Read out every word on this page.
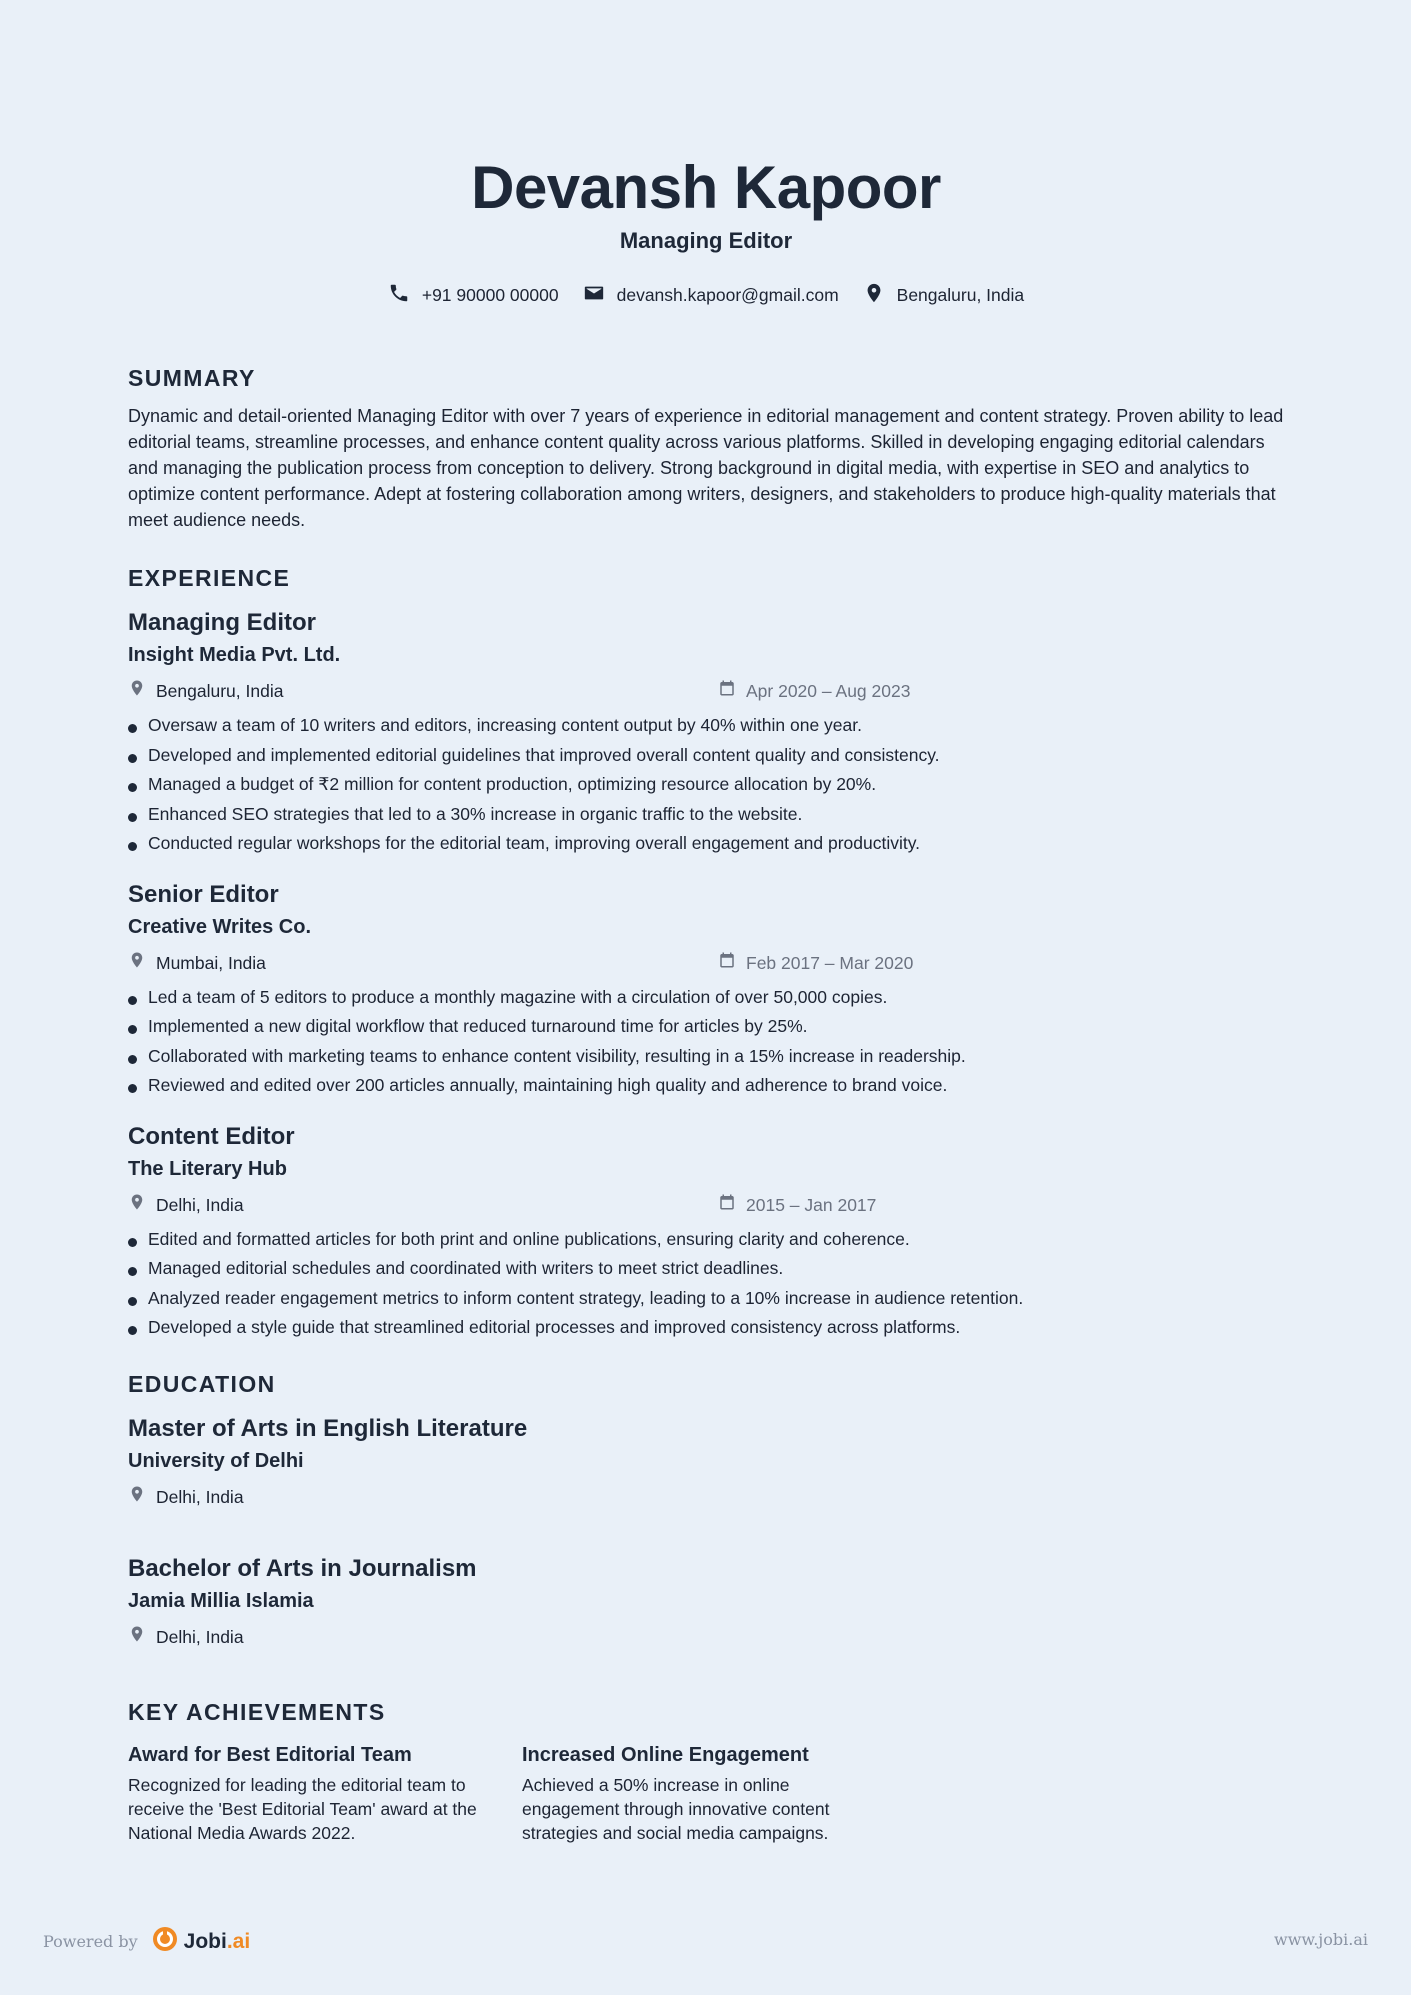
Devansh Kapoor
Managing Editor
+91 90000 00000	devansh.kapoor@gmail.com	Bengaluru, India
SUMMARY
Dynamic and detail-oriented Managing Editor with over 7 years of experience in editorial management and content strategy. Proven ability to lead editorial teams, streamline processes, and enhance content quality across various platforms. Skilled in developing engaging editorial calendars and managing the publication process from conception to delivery. Strong background in digital media, with expertise in SEO and analytics to optimize content performance. Adept at fostering collaboration among writers, designers, and stakeholders to produce high-quality materials that meet audience needs.
EXPERIENCE
Managing Editor
Insight Media Pvt. Ltd.
Bengaluru, India	Apr 2020 – Aug 2023
Oversaw a team of 10 writers and editors, increasing content output by 40% within one year.
Developed and implemented editorial guidelines that improved overall content quality and consistency.
Managed a budget of ₹2 million for content production, optimizing resource allocation by 20%.
Enhanced SEO strategies that led to a 30% increase in organic traffic to the website.
Conducted regular workshops for the editorial team, improving overall engagement and productivity.
Senior Editor
Creative Writes Co.
Mumbai, India	Feb 2017 – Mar 2020
Led a team of 5 editors to produce a monthly magazine with a circulation of over 50,000 copies.
Implemented a new digital workflow that reduced turnaround time for articles by 25%.
Collaborated with marketing teams to enhance content visibility, resulting in a 15% increase in readership.
Reviewed and edited over 200 articles annually, maintaining high quality and adherence to brand voice.
Content Editor
The Literary Hub
Delhi, India	2015 – Jan 2017
Edited and formatted articles for both print and online publications, ensuring clarity and coherence.
Managed editorial schedules and coordinated with writers to meet strict deadlines.
Analyzed reader engagement metrics to inform content strategy, leading to a 10% increase in audience retention.
Developed a style guide that streamlined editorial processes and improved consistency across platforms.
EDUCATION
Master of Arts in English Literature
University of Delhi
Delhi, India
Bachelor of Arts in Journalism
Jamia Millia Islamia
Delhi, India
KEY ACHIEVEMENTS
Award for Best Editorial Team
Recognized for leading the editorial team to receive the 'Best Editorial Team' award at the National Media Awards 2022.
Increased Online Engagement
Achieved a 50% increase in online engagement through innovative content strategies and social media campaigns.
Powered by Jobi.ai	www.jobi.ai
